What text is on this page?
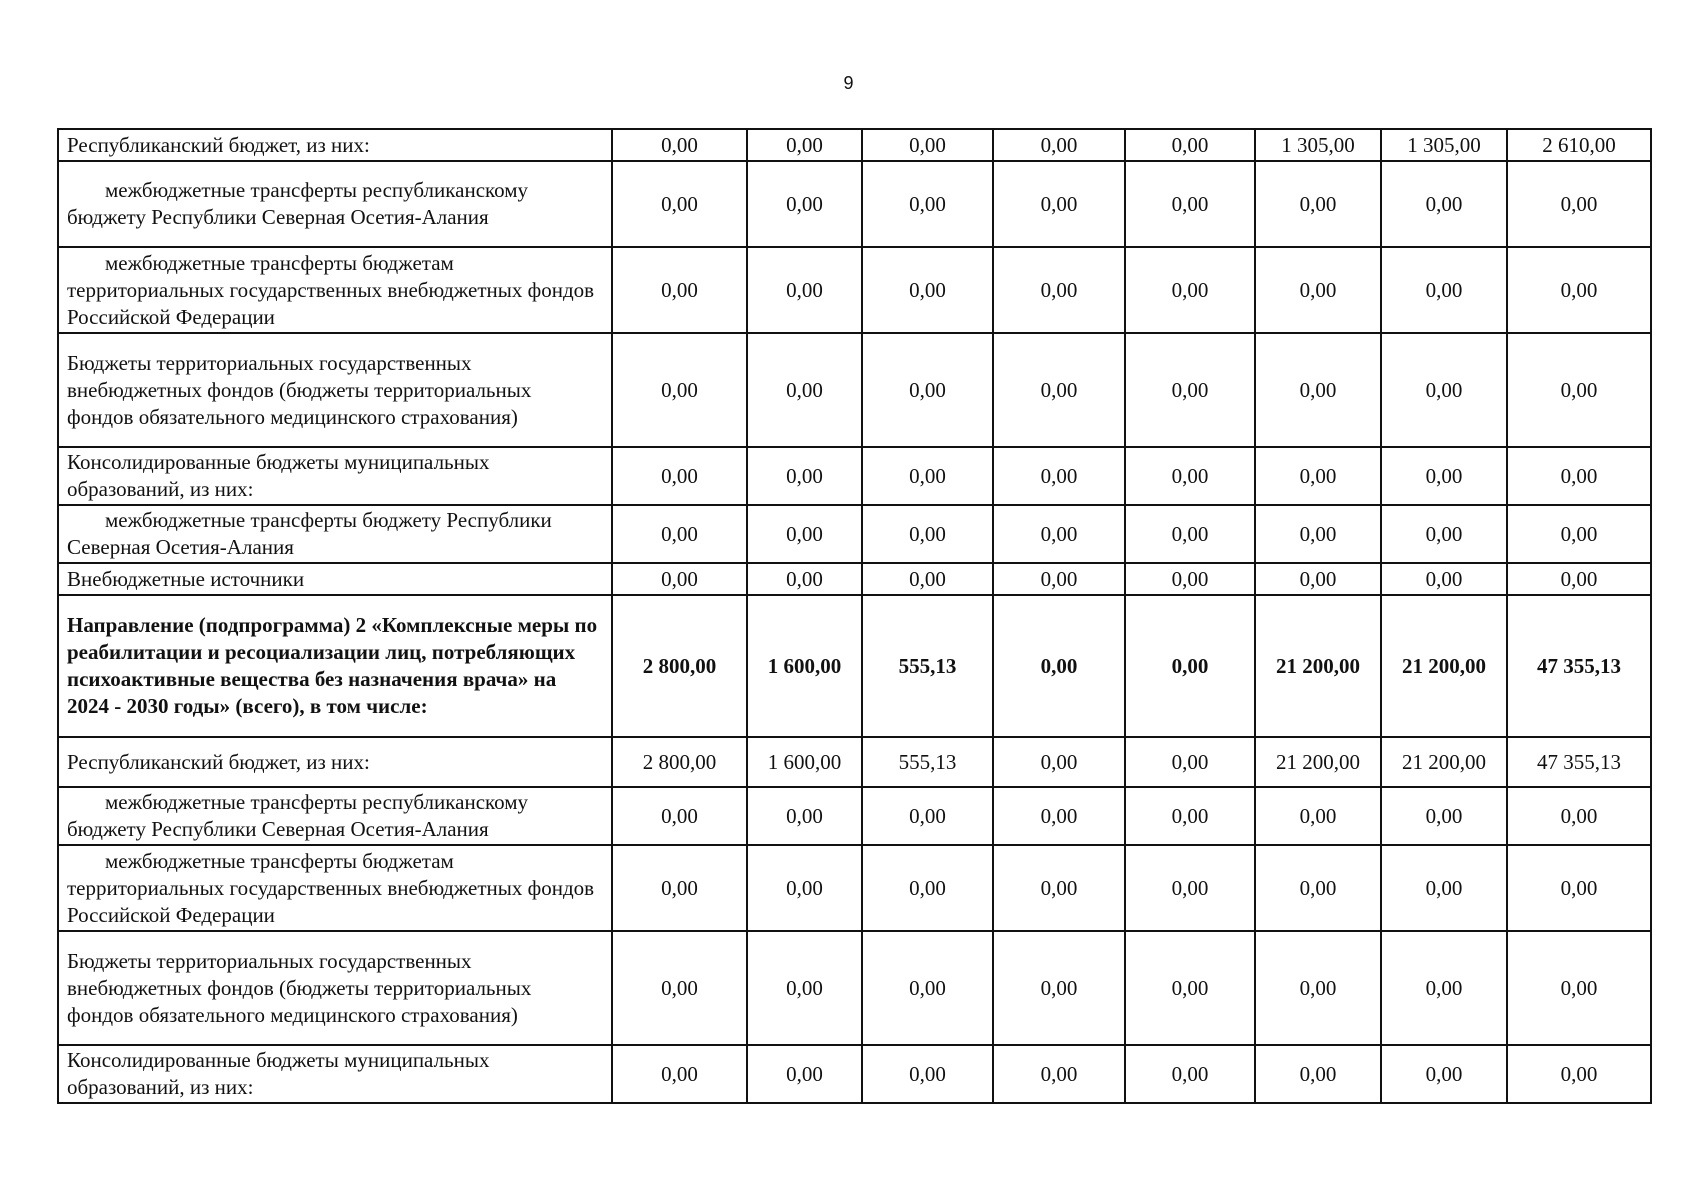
9
Республиканский бюджет, из них:	0,00	0,00	0,00	0,00	0,00	1 305,00	1 305,00	2 610,00
межбюджетные трансферты республиканскому бюджету Республики Северная Осетия-Алания	0,00	0,00	0,00	0,00	0,00	0,00	0,00	0,00
межбюджетные трансферты бюджетам территориальных государственных внебюджетных фондов Российской Федерации	0,00	0,00	0,00	0,00	0,00	0,00	0,00	0,00
Бюджеты территориальных государственных внебюджетных фондов (бюджеты территориальных фондов обязательного медицинского страхования)	0,00	0,00	0,00	0,00	0,00	0,00	0,00	0,00
Консолидированные бюджеты муниципальных образований, из них:	0,00	0,00	0,00	0,00	0,00	0,00	0,00	0,00
межбюджетные трансферты бюджету Республики Северная Осетия-Алания	0,00	0,00	0,00	0,00	0,00	0,00	0,00	0,00
Внебюджетные источники	0,00	0,00	0,00	0,00	0,00	0,00	0,00	0,00
Направление (подпрограмма) 2 «Комплексные меры по реабилитации и ресоциализации лиц, потребляющих психоактивные вещества без назначения врача» на 2024 - 2030 годы» (всего), в том числе:	2 800,00	1 600,00	555,13	0,00	0,00	21 200,00	21 200,00	47 355,13
Республиканский бюджет, из них:	2 800,00	1 600,00	555,13	0,00	0,00	21 200,00	21 200,00	47 355,13
межбюджетные трансферты республиканскому бюджету Республики Северная Осетия-Алания	0,00	0,00	0,00	0,00	0,00	0,00	0,00	0,00
межбюджетные трансферты бюджетам территориальных государственных внебюджетных фондов Российской Федерации	0,00	0,00	0,00	0,00	0,00	0,00	0,00	0,00
Бюджеты территориальных государственных внебюджетных фондов (бюджеты территориальных фондов обязательного медицинского страхования)	0,00	0,00	0,00	0,00	0,00	0,00	0,00	0,00
Консолидированные бюджеты муниципальных образований, из них:	0,00	0,00	0,00	0,00	0,00	0,00	0,00	0,00
